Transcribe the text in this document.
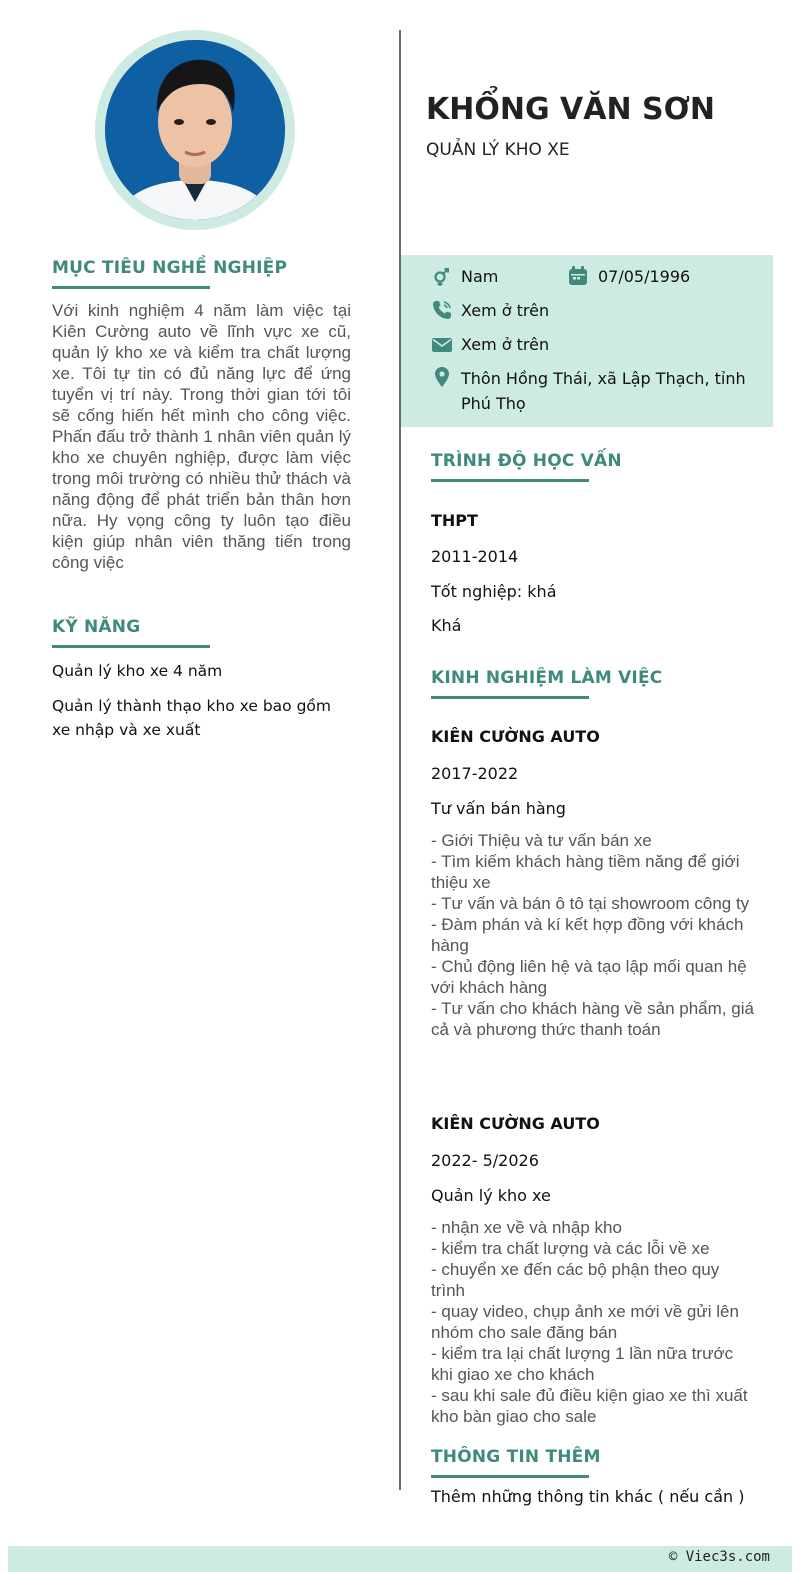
MỤC TIÊU NGHỀ NGHIỆP
Với kinh nghiệm 4 năm làm việc tại Kiên Cường auto về lĩnh vực xe cũ, quản lý kho xe và kiểm tra chất lượng xe. Tôi tự tin có đủ năng lực để ứng tuyển vị trí này. Trong thời gian tới tôi sẽ cống hiến hết mình cho công việc. Phấn đấu trở thành 1 nhân viên quản lý kho xe chuyên nghiệp, được làm việc trong môi trường có nhiều thử thách và năng động để phát triển bản thân hơn nữa. Hy vọng công ty luôn tạo điều kiện giúp nhân viên thăng tiến trong công việc
KỸ NĂNG
Quản lý kho xe 4 năm
Quản lý thành thạo kho xe bao gồm xe nhập và xe xuất
KHỔNG VĂN SƠN
QUẢN LÝ KHO XE
Nam	07/05/1996
Xem ở trên
Xem ở trên
Thôn Hồng Thái, xã Lập Thạch, tỉnh
Phú Thọ
TRÌNH ĐỘ HỌC VẤN
THPT
2011-2014
Tốt nghiệp: khá
Khá
KINH NGHIỆM LÀM VIỆC
KIÊN CƯỜNG AUTO
2017-2022
Tư vấn bán hàng
- Giới Thiệu và tư vấn bán xe
- Tìm kiếm khách hàng tiềm năng để giới thiệu xe
- Tư vấn và bán ô tô tại showroom công ty
- Đàm phán và kí kết hợp đồng với khách hàng
- Chủ động liên hệ và tạo lập mối quan hệ với khách hàng
- Tư vấn cho khách hàng về sản phẩm, giá cả và phương thức thanh toán
KIÊN CƯỜNG AUTO
2022- 5/2026
Quản lý kho xe
- nhận xe về và nhập kho
- kiểm tra chất lượng và các lỗi về xe
- chuyển xe đến các bộ phận theo quy trình
- quay video, chụp ảnh xe mới về gửi lên nhóm cho sale đăng bán
- kiểm tra lại chất lượng 1 lần nữa trước khi giao xe cho khách
- sau khi sale đủ điều kiện giao xe thì xuất kho bàn giao cho sale
THÔNG TIN THÊM
Thêm những thông tin khác ( nếu cần )
© Viec3s.com
